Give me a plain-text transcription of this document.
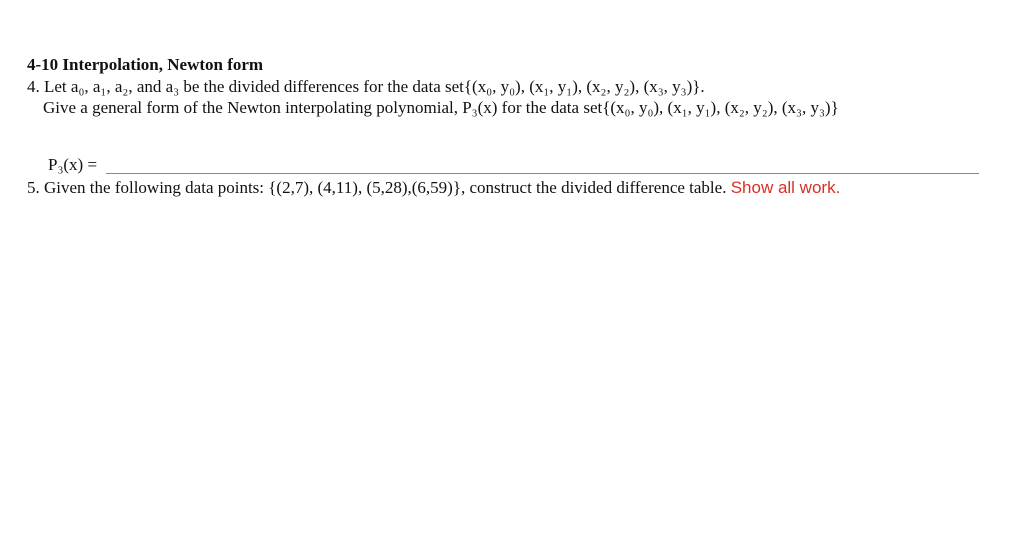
4-10 Interpolation, Newton form
4. Let a₀, a₁, a₂, and a₃ be the divided differences for the data set{(x₀, y₀), (x₁, y₁), (x₂, y₂), (x₃, y₃)}.
Give a general form of the Newton interpolating polynomial, P₃(x) for the data set{(x₀, y₀), (x₁, y₁), (x₂, y₂), (x₃, y₃)}
P₃(x) =
5. Given the following data points: {(2,7), (4,11), (5,28),(6,59)}, construct the divided difference table. Show all work.
